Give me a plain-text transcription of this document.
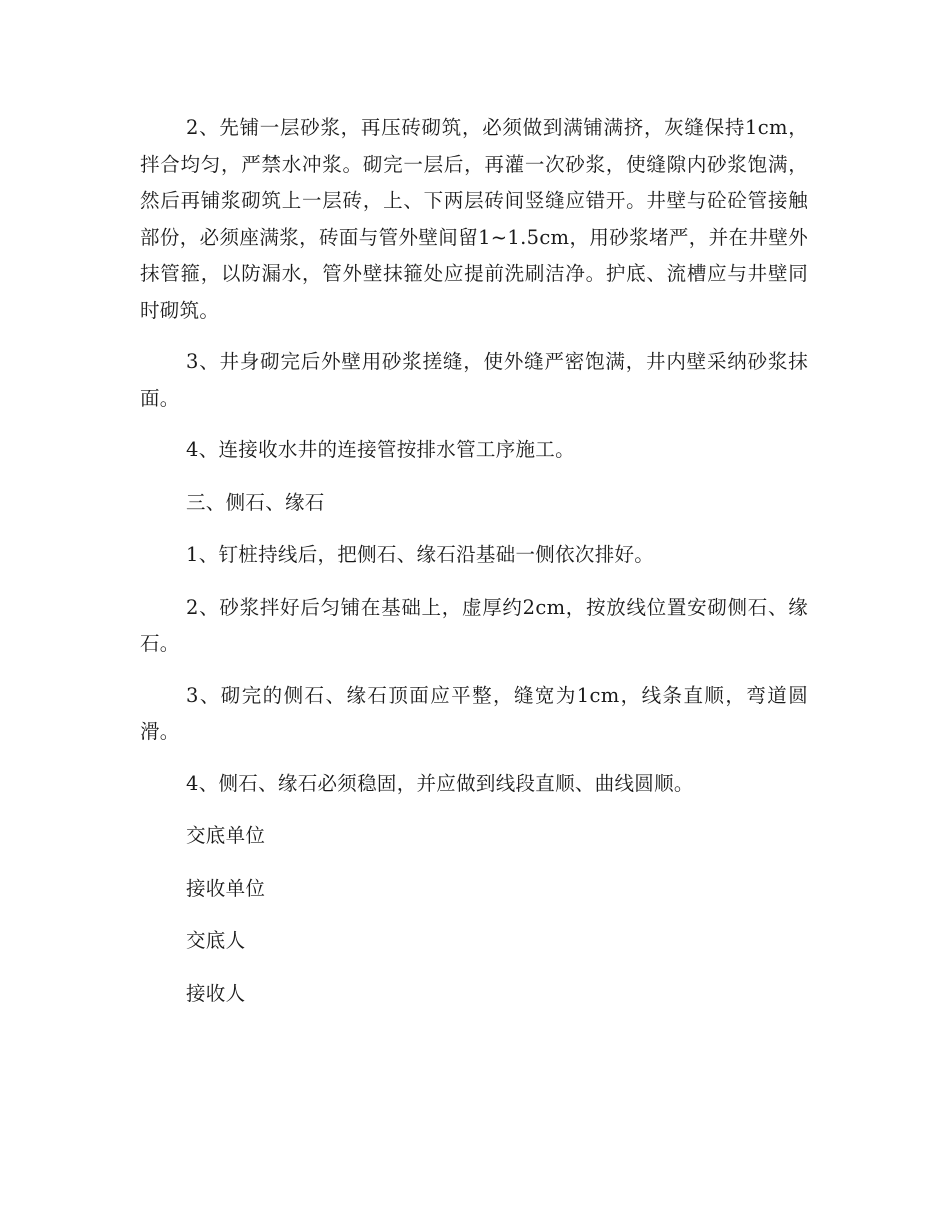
2、先铺一层砂浆，再压砖砌筑，必须做到满铺满挤，灰缝保持1cm，拌合均匀，严禁水冲浆。砌完一层后，再灌一次砂浆，使缝隙内砂浆饱满，然后再铺浆砌筑上一层砖，上、下两层砖间竖缝应错开。井壁与砼砼管接触部份，必须座满浆，砖面与管外壁间留1~1.5cm，用砂浆堵严，并在井壁外抹管箍，以防漏水，管外壁抹箍处应提前洗刷洁净。护底、流槽应与井壁同时砌筑。

3、井身砌完后外壁用砂浆搓缝，使外缝严密饱满，井内壁采纳砂浆抹面。

4、连接收水井的连接管按排水管工序施工。

三、侧石、缘石

1、钉桩持线后，把侧石、缘石沿基础一侧依次排好。

2、砂浆拌好后匀铺在基础上，虚厚约2cm，按放线位置安砌侧石、缘石。

3、砌完的侧石、缘石顶面应平整，缝宽为1cm，线条直顺，弯道圆滑。

4、侧石、缘石必须稳固，并应做到线段直顺、曲线圆顺。

交底单位

接收单位

交底人

接收人
